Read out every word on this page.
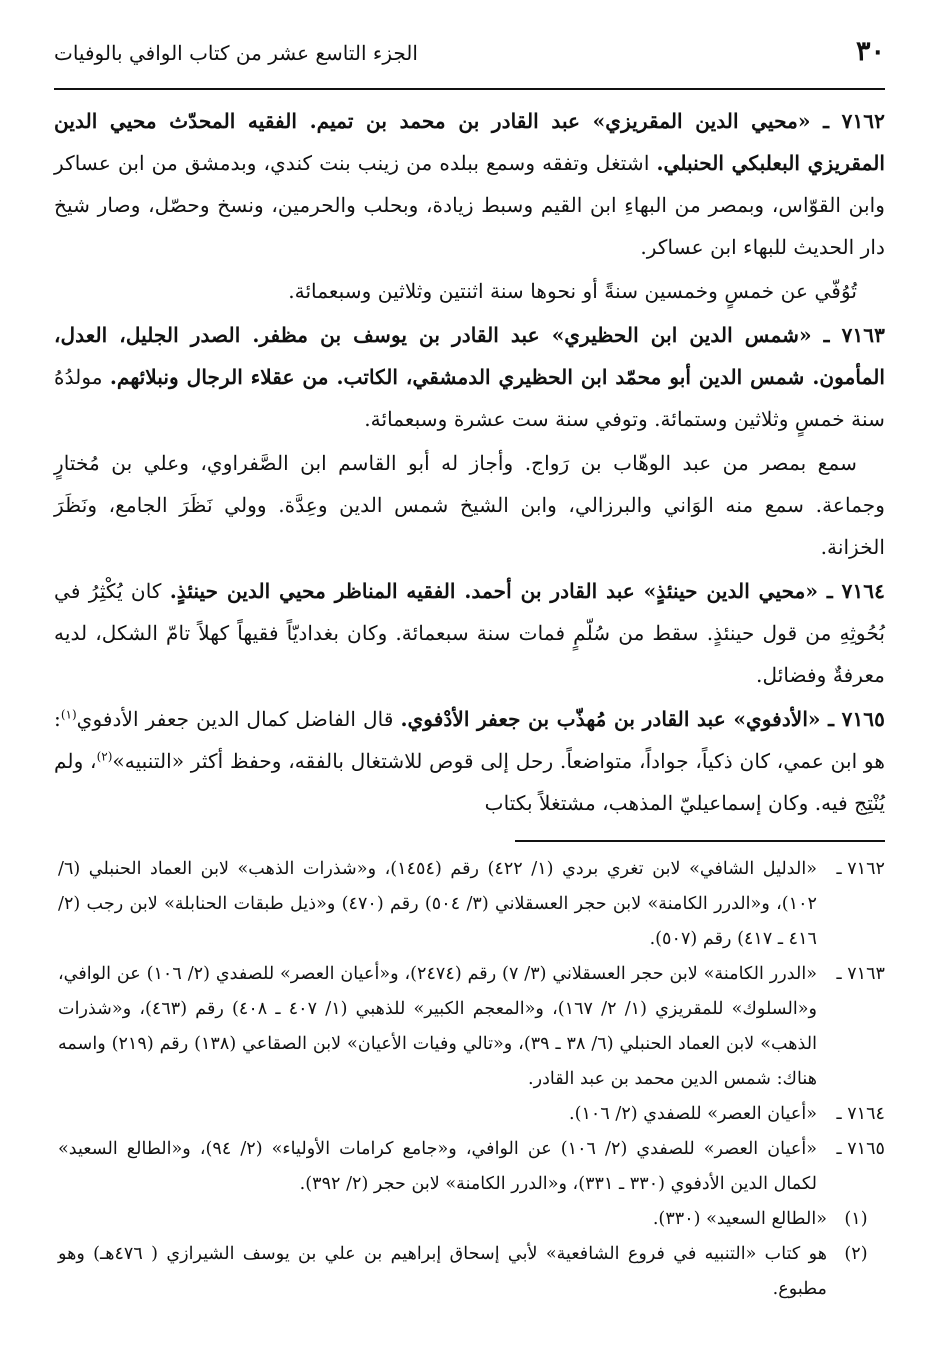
٣٠
الجزء التاسع عشر من كتاب الوافي بالوفيات

٧١٦٢ ـ «محيي الدين المقريزي» عبد القادر بن محمد بن تميم. الفقيه المحدّث محيي الدين المقريزي البعلبكي الحنبلي. اشتغل وتفقه وسمع ببلده من زينب بنت كندي، وبدمشق من ابن عساكر وابن القوّاس، وبمصر من البهاءِ ابن القيم وسبط زيادة، وبحلب والحرمين، ونسخ وحصّل، وصار شيخ دار الحديث للبهاء ابن عساكر.

تُوُفّي عن خمسٍ وخمسين سنةً أو نحوها سنة اثنتين وثلاثين وسبعمائة.

٧١٦٣ ـ «شمس الدين ابن الحظيري» عبد القادر بن يوسف بن مظفر. الصدر الجليل، العدل، المأمون. شمس الدين أبو محمّد ابن الحظيري الدمشقي، الكاتب. من عقلاء الرجال ونبلائهم. مولدُهُ سنة خمسٍ وثلاثين وستمائة. وتوفي سنة ست عشرة وسبعمائة.

سمع بمصر من عبد الوهّاب بن رَواج. وأجاز له أبو القاسم ابن الصَّفراوي، وعلي بن مُختارٍ وجماعة. سمع منه الوَاني والبرزالي، وابن الشيخ شمس الدين وعِدَّة. وولي نَظَرَ الجامع، ونَظَرَ الخزانة.

٧١٦٤ ـ «محيي الدين حينئذٍ» عبد القادر بن أحمد. الفقيه المناظر محيي الدين حينئذٍ. كان يُكْثِرُ في بُحُوثِهِ من قول حينئذٍ. سقط من سُلّمٍ فمات سنة سبعمائة. وكان بغداديّاً فقيهاً كهلاً تامّ الشكل، لديه معرفةٌ وفضائل.

٧١٦٥ ـ «الأدفوي» عبد القادر بن مُهذّب بن جعفر الأدْفوي. قال الفاضل كمال الدين جعفر الأدفوي$^{(١)}$: هو ابن عمي، كان ذكياً، جواداً، متواضعاً. رحل إلى قوص للاشتغال بالفقه، وحفظ أكثر «التنبيه»$^{(٢)}$، ولم يُنْتِج فيه. وكان إسماعيليّ المذهب، مشتغلاً بكتاب

٧١٦٢ ـ
«الدليل الشافي» لابن تغري بردي (١/ ٤٢٢) رقم (١٤٥٤)، و«شذرات الذهب» لابن العماد الحنبلي (٦/ ١٠٢)، و«الدرر الكامنة» لابن حجر العسقلاني (٣/ ٥٠٤) رقم (٤٧٠) و«ذيل طبقات الحنابلة» لابن رجب (٢/ ٤١٦ ـ ٤١٧) رقم (٥٠٧).
٧١٦٣ ـ
«الدرر الكامنة» لابن حجر العسقلاني (٣/ ٧) رقم (٢٤٧٤)، و«أعيان العصر» للصفدي (٢/ ١٠٦) عن الوافي، و«السلوك» للمقريزي (١/ ٢/ ١٦٧)، و«المعجم الكبير» للذهبي (١/ ٤٠٧ ـ ٤٠٨) رقم (٤٦٣)، و«شذرات الذهب» لابن العماد الحنبلي (٦/ ٣٨ ـ ٣٩)، و«تالي وفيات الأعيان» لابن الصقاعي (١٣٨) رقم (٢١٩) واسمه هناك: شمس الدين محمد بن عبد القادر.
٧١٦٤ ـ
«أعيان العصر» للصفدي (٢/ ١٠٦).
٧١٦٥ ـ
«أعيان العصر» للصفدي (٢/ ١٠٦) عن الوافي، و«جامع كرامات الأولياء» (٢/ ٩٤)، و«الطالع السعيد» لكمال الدين الأدفوي (٣٣٠ ـ ٣٣١)، و«الدرر الكامنة» لابن حجر (٢/ ٣٩٢).
(١)
«الطالع السعيد» (٣٣٠).
(٢)
هو كتاب «التنبيه في فروع الشافعية» لأبي إسحاق إبراهيم بن علي بن يوسف الشيرازي ( ٤٧٦هـ) وهو مطبوع.
